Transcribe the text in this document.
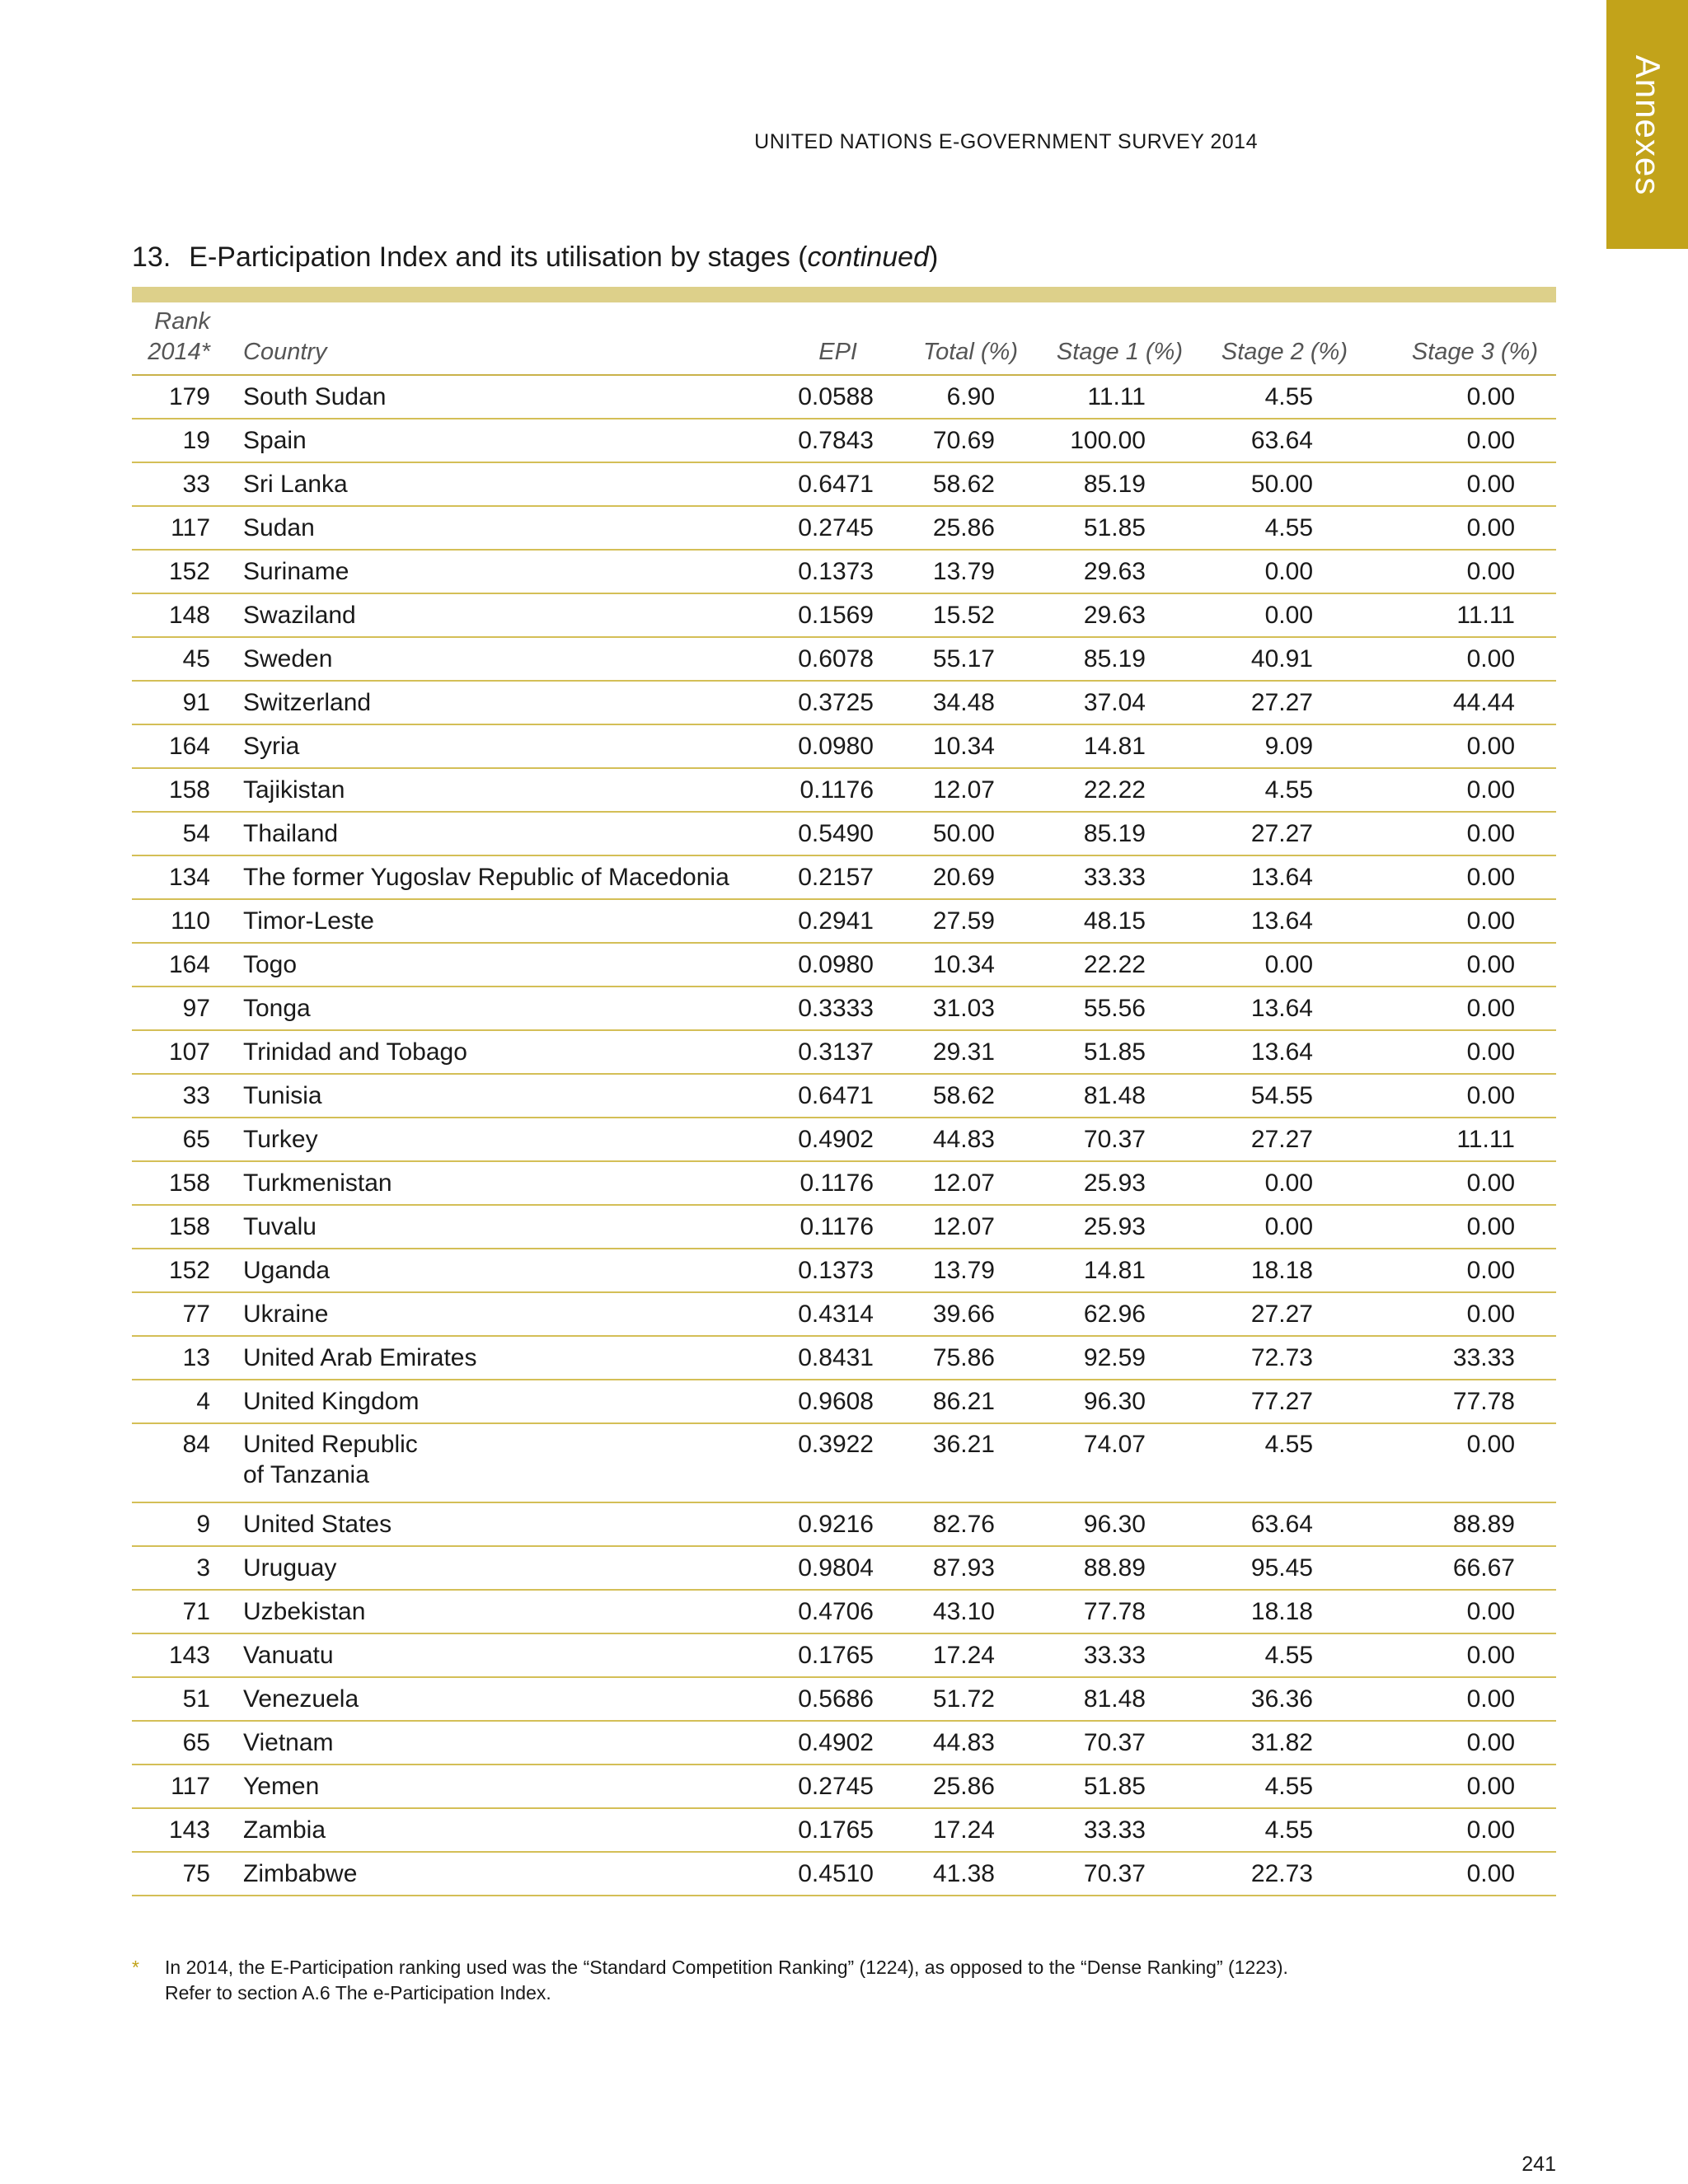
Annexes
UNITED NATIONS E-GOVERNMENT SURVEY 2014
13. E-Participation Index and its utilisation by stages (continued)
Rank
2014*	Country	EPI	Total (%)	Stage 1 (%)	Stage 2 (%)	Stage 3 (%)
179	South Sudan	0.0588	6.90	11.11	4.55	0.00
19	Spain	0.7843	70.69	100.00	63.64	0.00
33	Sri Lanka	0.6471	58.62	85.19	50.00	0.00
117	Sudan	0.2745	25.86	51.85	4.55	0.00
152	Suriname	0.1373	13.79	29.63	0.00	0.00
148	Swaziland	0.1569	15.52	29.63	0.00	11.11
45	Sweden	0.6078	55.17	85.19	40.91	0.00
91	Switzerland	0.3725	34.48	37.04	27.27	44.44
164	Syria	0.0980	10.34	14.81	9.09	0.00
158	Tajikistan	0.1176	12.07	22.22	4.55	0.00
54	Thailand	0.5490	50.00	85.19	27.27	0.00
134	The former Yugoslav Republic of Macedonia	0.2157	20.69	33.33	13.64	0.00
110	Timor-Leste	0.2941	27.59	48.15	13.64	0.00
164	Togo	0.0980	10.34	22.22	0.00	0.00
97	Tonga	0.3333	31.03	55.56	13.64	0.00
107	Trinidad and Tobago	0.3137	29.31	51.85	13.64	0.00
33	Tunisia	0.6471	58.62	81.48	54.55	0.00
65	Turkey	0.4902	44.83	70.37	27.27	11.11
158	Turkmenistan	0.1176	12.07	25.93	0.00	0.00
158	Tuvalu	0.1176	12.07	25.93	0.00	0.00
152	Uganda	0.1373	13.79	14.81	18.18	0.00
77	Ukraine	0.4314	39.66	62.96	27.27	0.00
13	United Arab Emirates	0.8431	75.86	92.59	72.73	33.33
4	United Kingdom	0.9608	86.21	96.30	77.27	77.78
84	United Republic
of Tanzania	0.3922	36.21	74.07	4.55	0.00
9	United States	0.9216	82.76	96.30	63.64	88.89
3	Uruguay	0.9804	87.93	88.89	95.45	66.67
71	Uzbekistan	0.4706	43.10	77.78	18.18	0.00
143	Vanuatu	0.1765	17.24	33.33	4.55	0.00
51	Venezuela	0.5686	51.72	81.48	36.36	0.00
65	Vietnam	0.4902	44.83	70.37	31.82	0.00
117	Yemen	0.2745	25.86	51.85	4.55	0.00
143	Zambia	0.1765	17.24	33.33	4.55	0.00
75	Zimbabwe	0.4510	41.38	70.37	22.73	0.00
* In 2014, the E-Participation ranking used was the “Standard Competition Ranking” (1224), as opposed to the “Dense Ranking” (1223).
Refer to section A.6 The e-Participation Index.
241
